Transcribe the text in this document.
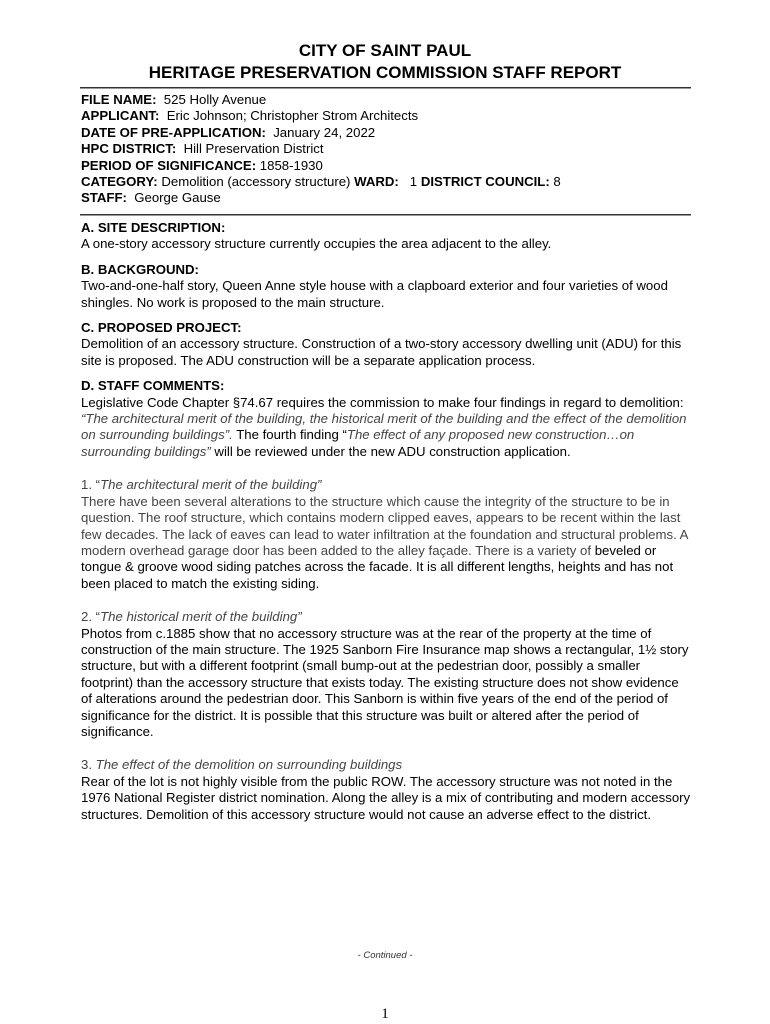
CITY OF SAINT PAUL
HERITAGE PRESERVATION COMMISSION STAFF REPORT
FILE NAME: 525 Holly Avenue
APPLICANT: Eric Johnson; Christopher Strom Architects
DATE OF PRE-APPLICATION: January 24, 2022
HPC DISTRICT: Hill Preservation District
PERIOD OF SIGNIFICANCE: 1858-1930
CATEGORY: Demolition (accessory structure) WARD: 1 DISTRICT COUNCIL: 8
STAFF: George Gause
A. SITE DESCRIPTION:

A one-story accessory structure currently occupies the area adjacent to the alley.

B. BACKGROUND:

Two-and-one-half story, Queen Anne style house with a clapboard exterior and four varieties of wood shingles. No work is proposed to the main structure.

C. PROPOSED PROJECT:

Demolition of an accessory structure. Construction of a two-story accessory dwelling unit (ADU) for this site is proposed. The ADU construction will be a separate application process.

D. STAFF COMMENTS:

Legislative Code Chapter §74.67 requires the commission to make four findings in regard to demolition: “The architectural merit of the building, the historical merit of the building and the effect of the demolition on surrounding buildings”. The fourth finding “The effect of any proposed new construction…on surrounding buildings” will be reviewed under the new ADU construction application.

1. “The architectural merit of the building”

There have been several alterations to the structure which cause the integrity of the structure to be in question. The roof structure, which contains modern clipped eaves, appears to be recent within the last few decades. The lack of eaves can lead to water infiltration at the foundation and structural problems. A modern overhead garage door has been added to the alley façade. There is a variety of beveled or tongue & groove wood siding patches across the facade. It is all different lengths, heights and has not been placed to match the existing siding.

2. “The historical merit of the building”

Photos from c.1885 show that no accessory structure was at the rear of the property at the time of construction of the main structure. The 1925 Sanborn Fire Insurance map shows a rectangular, 1½ story structure, but with a different footprint (small bump-out at the pedestrian door, possibly a smaller footprint) than the accessory structure that exists today. The existing structure does not show evidence of alterations around the pedestrian door. This Sanborn is within five years of the end of the period of significance for the district. It is possible that this structure was built or altered after the period of significance.

3. The effect of the demolition on surrounding buildings

Rear of the lot is not highly visible from the public ROW. The accessory structure was not noted in the 1976 National Register district nomination. Along the alley is a mix of contributing and modern accessory structures. Demolition of this accessory structure would not cause an adverse effect to the district.

- Continued -
1
